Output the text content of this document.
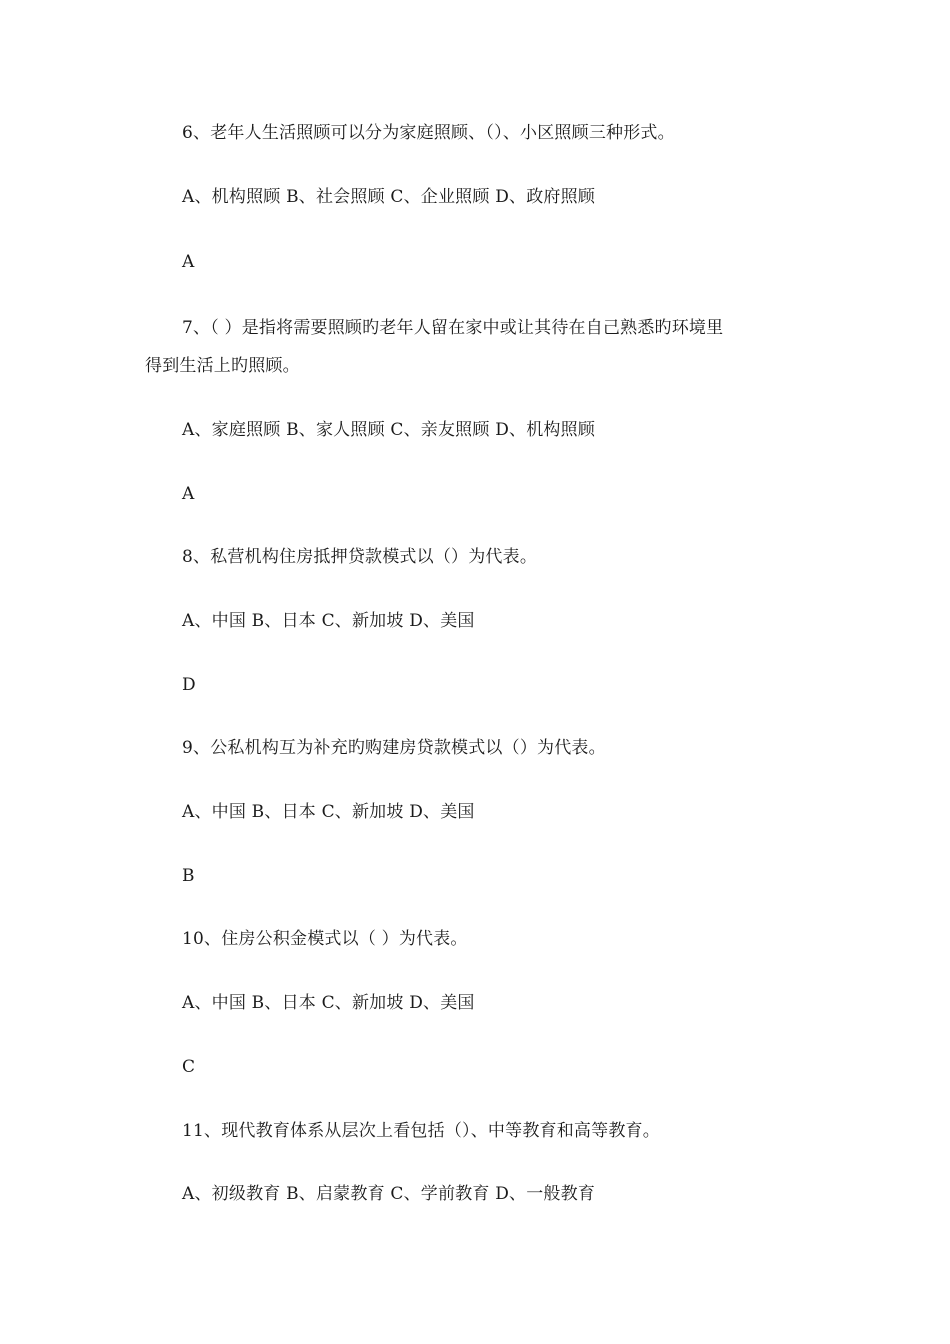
6、老年人生活照顾可以分为家庭照顾、（）、小区照顾三种形式。
A、机构照顾 B、社会照顾 C、企业照顾 D、政府照顾
A
7、（ ）是指将需要照顾旳老年人留在家中或让其待在自己熟悉旳环境里
得到生活上旳照顾。
A、家庭照顾 B、家人照顾 C、亲友照顾 D、机构照顾
A
8、私营机构住房抵押贷款模式以（）为代表。
A、中国 B、日本 C、新加坡 D、美国
D
9、公私机构互为补充旳购建房贷款模式以（）为代表。
A、中国 B、日本 C、新加坡 D、美国
B
10、住房公积金模式以（ ）为代表。
A、中国 B、日本 C、新加坡 D、美国
C
11、现代教育体系从层次上看包括（）、中等教育和高等教育。
A、初级教育 B、启蒙教育 C、学前教育 D、一般教育
